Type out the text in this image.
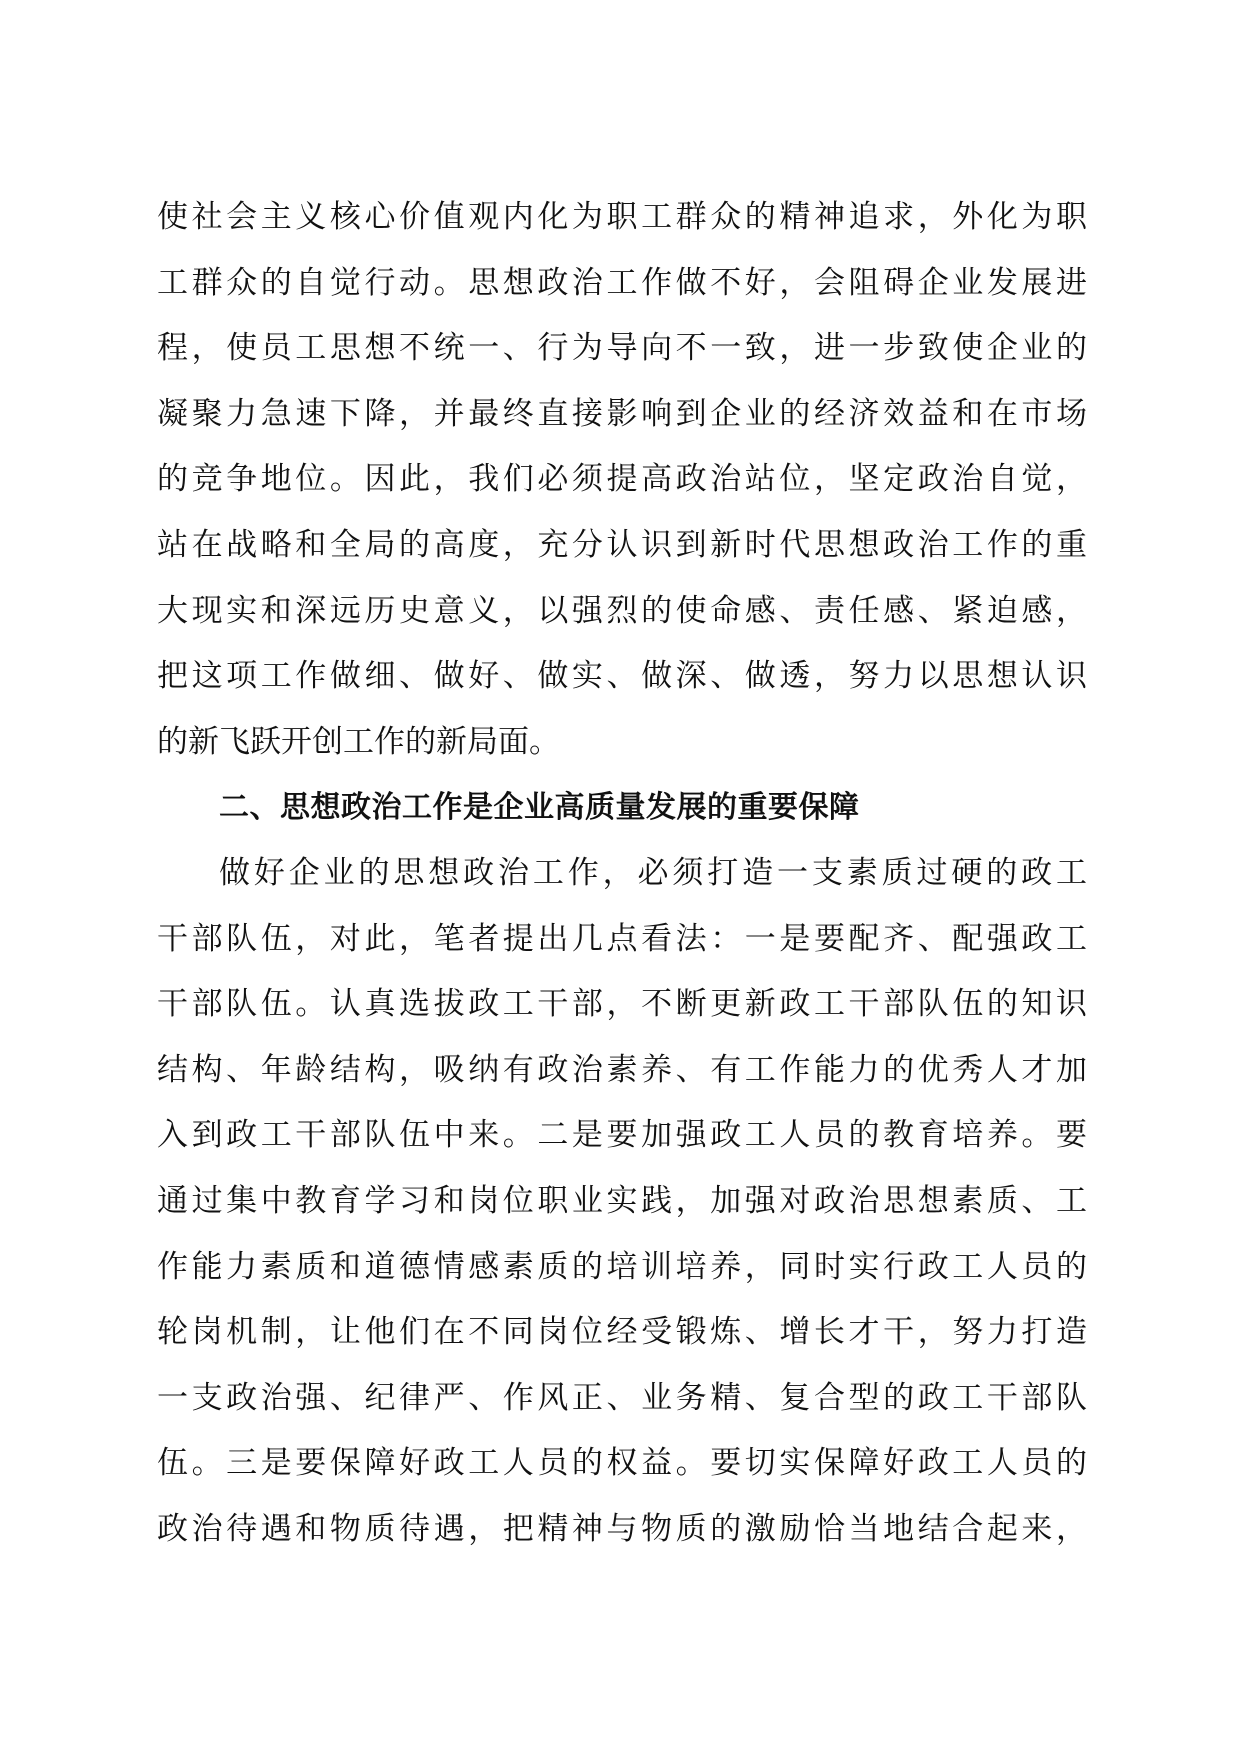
使社会主义核心价值观内化为职工群众的精神追求，外化为职
工群众的自觉行动。思想政治工作做不好，会阻碍企业发展进
程，使员工思想不统一、行为导向不一致，进一步致使企业的
凝聚力急速下降，并最终直接影响到企业的经济效益和在市场
的竞争地位。因此，我们必须提高政治站位，坚定政治自觉，
站在战略和全局的高度，充分认识到新时代思想政治工作的重
大现实和深远历史意义，以强烈的使命感、责任感、紧迫感，
把这项工作做细、做好、做实、做深、做透，努力以思想认识
的新飞跃开创工作的新局面。
二、思想政治工作是企业高质量发展的重要保障
做好企业的思想政治工作，必须打造一支素质过硬的政工
干部队伍，对此，笔者提出几点看法：一是要配齐、配强政工
干部队伍。认真选拔政工干部，不断更新政工干部队伍的知识
结构、年龄结构，吸纳有政治素养、有工作能力的优秀人才加
入到政工干部队伍中来。二是要加强政工人员的教育培养。要
通过集中教育学习和岗位职业实践，加强对政治思想素质、工
作能力素质和道德情感素质的培训培养，同时实行政工人员的
轮岗机制，让他们在不同岗位经受锻炼、增长才干，努力打造
一支政治强、纪律严、作风正、业务精、复合型的政工干部队
伍。三是要保障好政工人员的权益。要切实保障好政工人员的
政治待遇和物质待遇，把精神与物质的激励恰当地结合起来，
